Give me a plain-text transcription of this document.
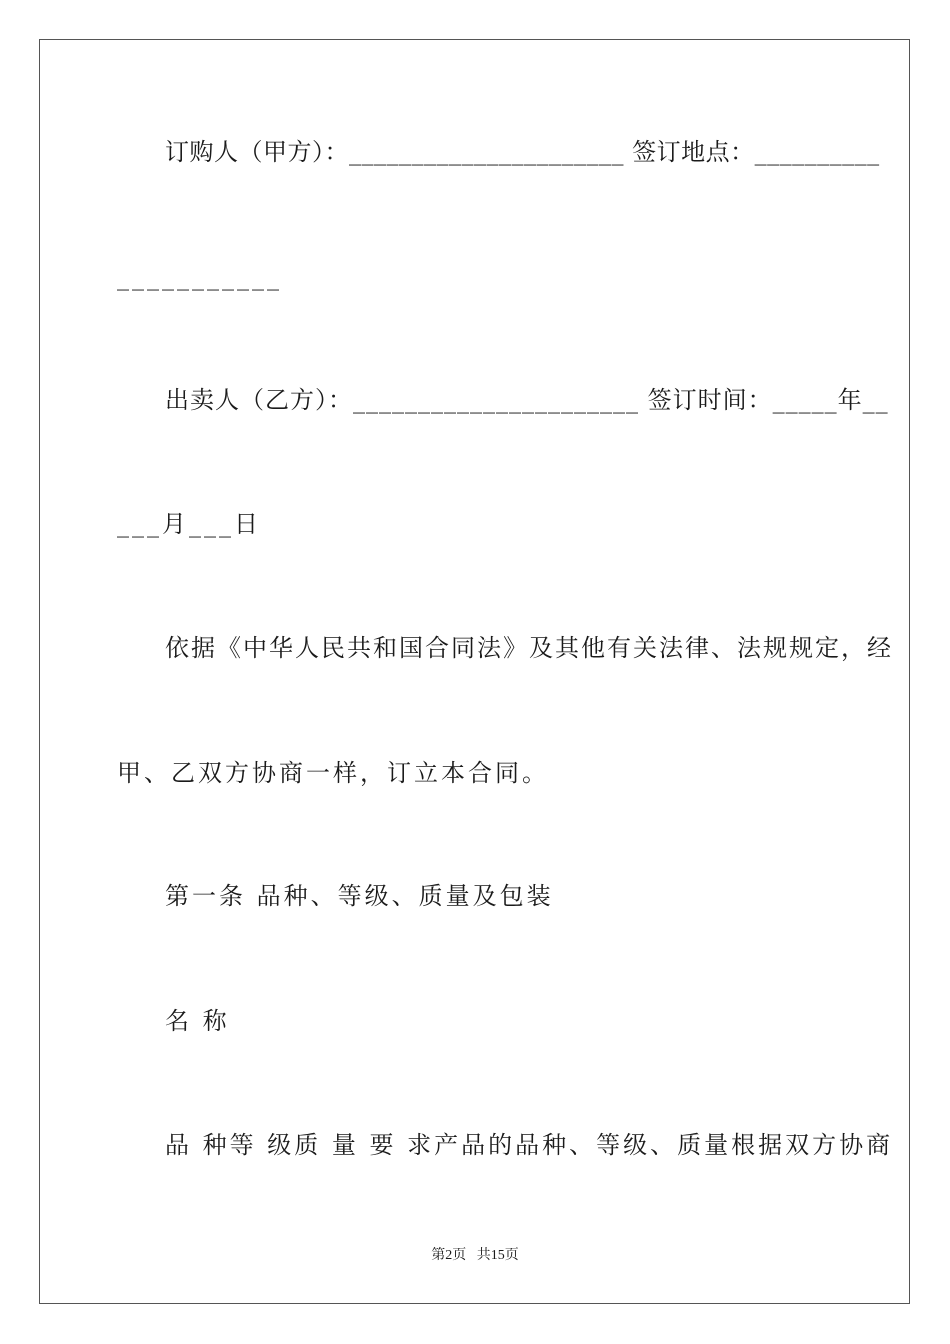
订购人（甲方）：______________________ 签订地点：__________
___________
出卖人（乙方）：______________________ 签订时间：_____年__
___月___日
依据《中华人民共和国合同法》及其他有关法律、法规规定，经
甲、乙双方协商一样，订立本合同。
第一条 品种、等级、质量及包装
名 称
品 种等 级质 量 要 求产品的品种、等级、质量根据双方协商
第2页   共15页
